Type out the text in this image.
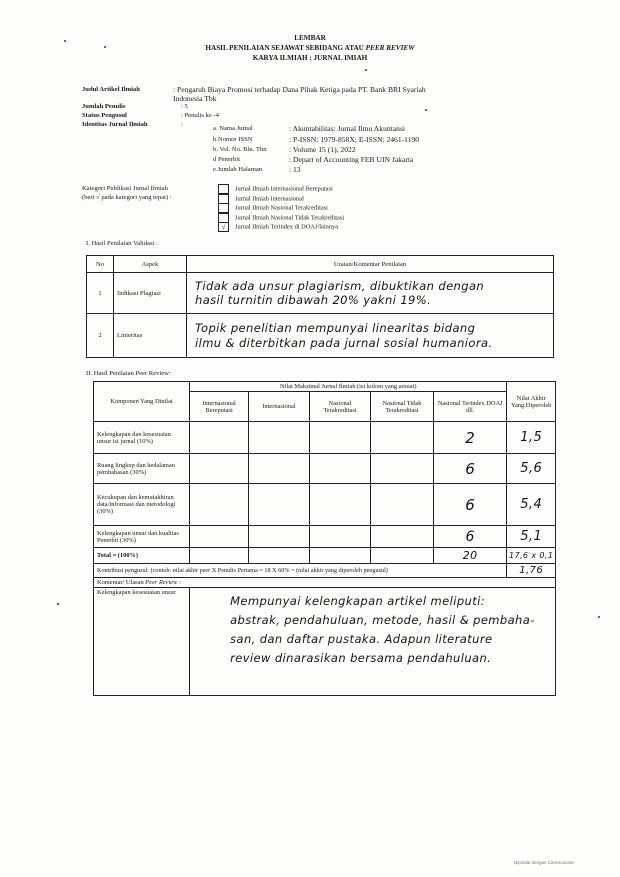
LEMBAR
HASIL PENILAIAN SEJAWAT SEBIDANG ATAU PEER REVIEW
KARYA ILMIAH : JURNAL IMIAH
Judul Artikel Ilmiah	: Pengaruh Biaya Promosi terhadap Dana Pihak Ketiga pada PT. Bank BRI Syariah
Indonesia Tbk
Jumlah Penulis	: 5
Status Pengusul	: Penulis ke -4
Identitas Jurnal Ilmiah	:
a. Nama Jurnal	: Akuntabilitas: Jurnal Ilmu Akuntansi
b.Nomor ISSN	: P-ISSN: 1979-858X; E-ISSN: 2461-1190
b. Vol. No. Bln. Thn	: Volume 15 (1), 2022
d Penerbit	: Depart of Accounting FEB UIN Jakarta
e.Jumlah Halaman	: 13
Kategori Publikasi Jurnal Ilmiah
(beri √ pada kategori yang tepat) :
Jurnal Ilmiah Internasional Bereputasi
Jurnal Ilmiah Internasional
Jurnal Ilmiah Nasional Terakreditasi
Jurnal Ilmiah Nasional Tidak Terakreditasi
√ Jurnal Ilmiah Terindex di DOAJ/lainnya
I. Hasil Penilaian Validasi :
No	Aspek	Uraian/Komentar Penilaian
1	Indikasi Plagiasi	Tidak ada unsur plagiarism, dibuktikan dengan
hasil turnitin dibawah 20% yakni 19%.

2	Linieritas	Topik penelitian mempunyai linearitas bidang
ilmu & diterbitkan pada jurnal sosial humaniora.
II. Hasil Penilaian Peer Review:
Komponen Yang Dinilai	Nilai Maksimal Jurnal Ilmiah (isi kolom yang sesuai)					Nilai Akhir Yang Diperoleh
	Internasional Bereputasi	Internasional	Nasional Terakreditasi	Nasional Tidak Terakreditasi	Nasional Terindex DOAJ dll.	
Kelengkapan dan kesesuaian unsur isi jurnal (10%)					2	1,5
Ruang lingkup dan kedalaman pembahasan (30%)					6	5,6
Kecukupan dan kemutakhiran data/informasi dan metodologi (30%)					6	5,4
Kelengkapan unsur dan kualitas Penerbit (30%)					6	5,1
Total = (100%)					20	17,6 x 0,1
Kontribusi pengusul: (contoh: nilai akhir peer X Penulis Pertama = 18 X 60% = (nilai akhir yang diperoleh pengusul)						1,76
Komentar/ Ulasan Peer Review :						
Kelengkapan kesesuaian unsur	Mempunyai kelengkapan artikel meliputi:
abstrak, pendahuluan, metode, hasil & pembaha-
san, dan daftar pustaka. Adapun literature
review dinarasikan bersama pendahuluan.					
Dipindai dengan CamScanner
